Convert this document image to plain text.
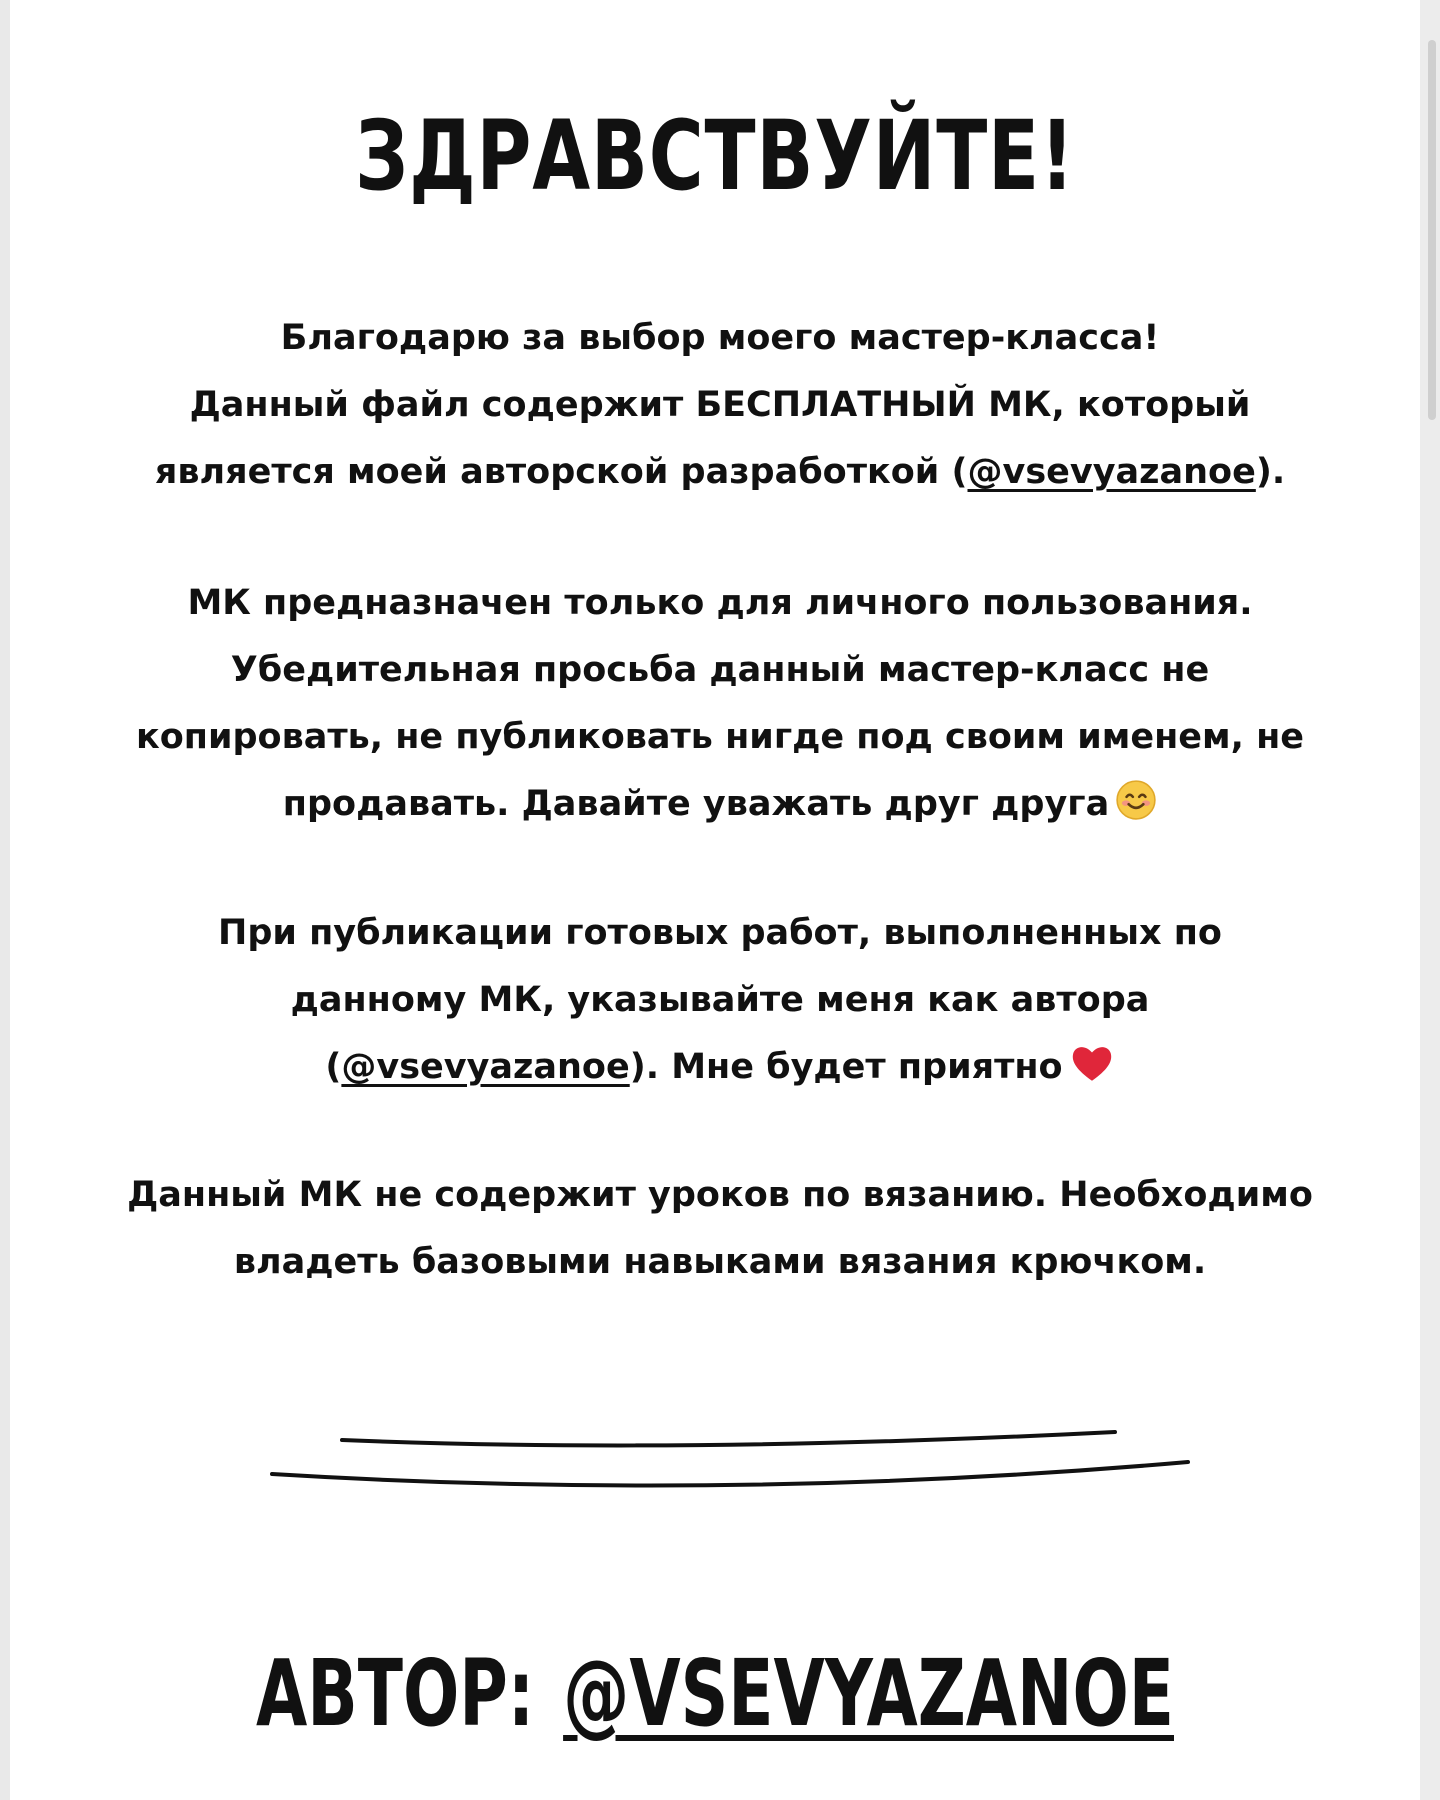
ЗДРАВСТВУЙТЕ!
Благодарю за выбор моего мастер-класса!
Данный файл содержит БЕСПЛАТНЫЙ МК, который
является моей авторской разработкой (@vsevyazanoe).
МК предназначен только для личного пользования.
Убедительная просьба данный мастер-класс не
копировать, не публиковать нигде под своим именем, не
продавать. Давайте уважать друг друга
При публикации готовых работ, выполненных по
данному МК, указывайте меня как автора
(@vsevyazanoe). Мне будет приятно
Данный МК не содержит уроков по вязанию. Необходимо
владеть базовыми навыками вязания крючком.
АВТОР: @VSEVYAZANOE
